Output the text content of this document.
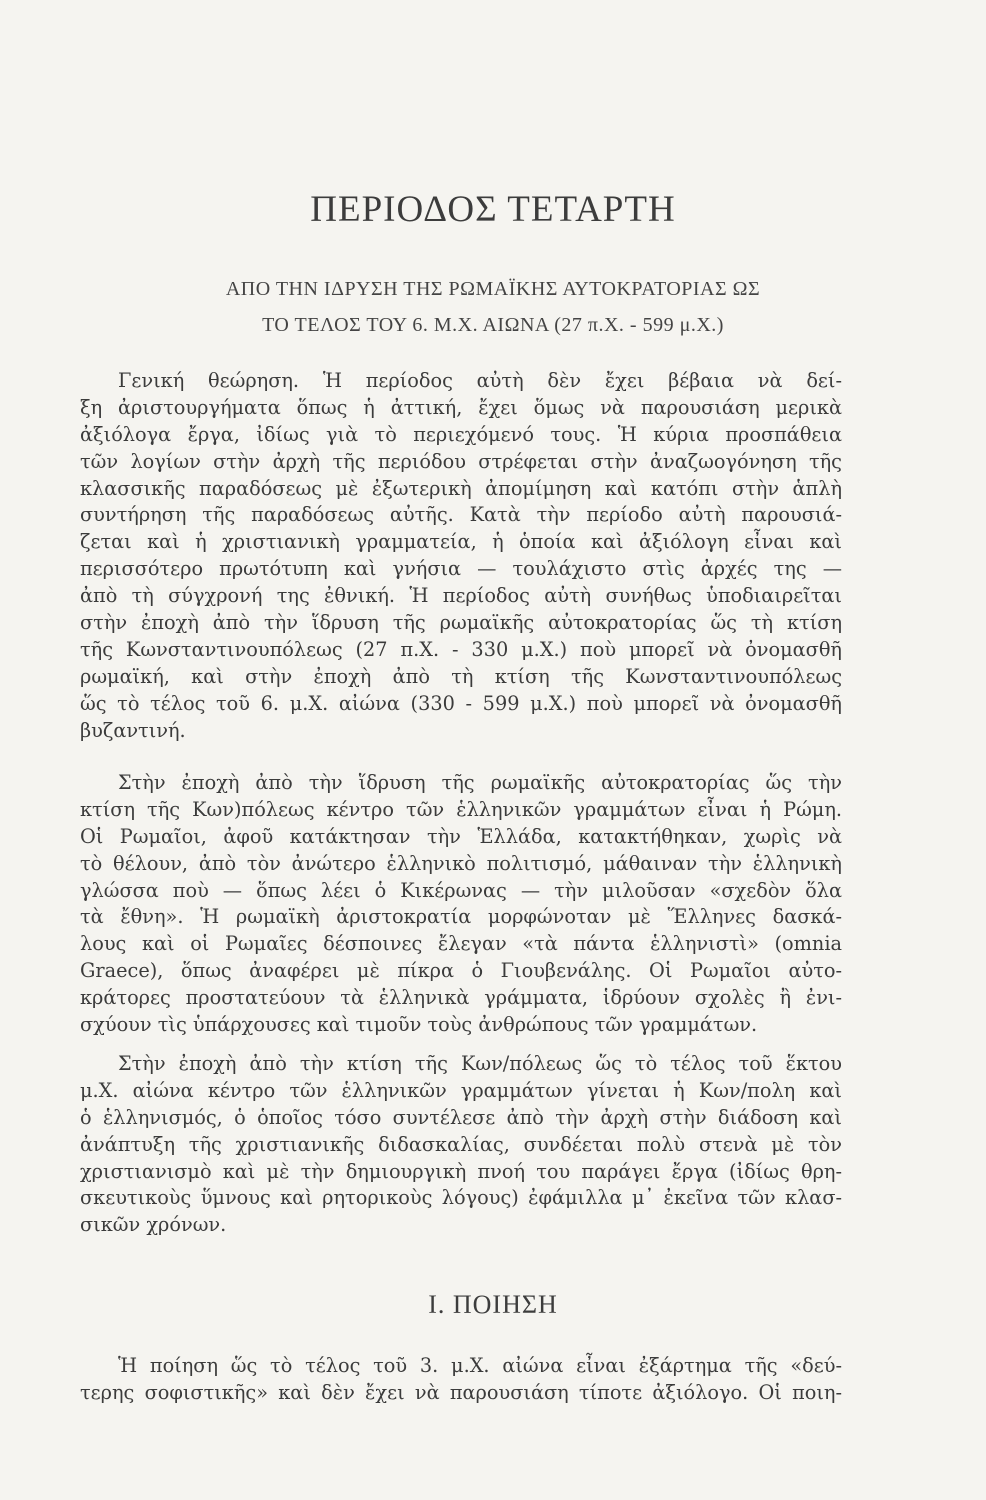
ΠΕΡΙΟΔΟΣ ΤΕΤΑΡΤΗ
ΑΠΟ ΤΗΝ ΙΔΡΥΣΗ ΤΗΣ ΡΩΜΑΪΚΗΣ ΑΥΤΟΚΡΑΤΟΡΙΑΣ ΩΣ
ΤΟ ΤΕΛΟΣ ΤΟΥ 6. Μ.Χ. ΑΙΩΝΑ (27 π.Χ. - 599 μ.Χ.)
Γενική θεώρηση. Ἡ περίοδος αὐτὴ δὲν ἔχει βέβαια νὰ δεί-
ξη ἀριστουργήματα ὅπως ἡ ἀττική, ἔχει ὅμως νὰ παρουσιάση μερικὰ
ἀξιόλογα ἔργα, ἰδίως γιὰ τὸ περιεχόμενό τους. Ἡ κύρια προσπάθεια
τῶν λογίων στὴν ἀρχὴ τῆς περιόδου στρέφεται στὴν ἀναζωογόνηση τῆς
κλασσικῆς παραδόσεως μὲ ἐξωτερικὴ ἀπομίμηση καὶ κατόπι στὴν ἁπλὴ
συντήρηση τῆς παραδόσεως αὐτῆς. Κατὰ τὴν περίοδο αὐτὴ παρουσιά-
ζεται καὶ ἡ χριστιανικὴ γραμματεία, ἡ ὁποία καὶ ἀξιόλογη εἶναι καὶ
περισσότερο πρωτότυπη καὶ γνήσια — τουλάχιστο στὶς ἀρχές της —
ἀπὸ τὴ σύγχρονή της ἐθνική. Ἡ περίοδος αὐτὴ συνήθως ὑποδιαιρεῖται
στὴν ἐποχὴ ἀπὸ τὴν ἵδρυση τῆς ρωμαϊκῆς αὐτοκρατορίας ὥς τὴ κτίση
τῆς Κωνσταντινουπόλεως (27 π.Χ. - 330 μ.Χ.) ποὺ μπορεῖ νὰ ὀνομασθῆ
ρωμαϊκή, καὶ στὴν ἐποχὴ ἀπὸ τὴ κτίση τῆς Κωνσταντινουπόλεως
ὥς τὸ τέλος τοῦ 6. μ.Χ. αἰώνα (330 - 599 μ.Χ.) ποὺ μπορεῖ νὰ ὀνομασθῆ
βυζαντινή.
Στὴν ἐποχὴ ἀπὸ τὴν ἵδρυση τῆς ρωμαϊκῆς αὐτοκρατορίας ὥς τὴν
κτίση τῆς Κων)πόλεως κέντρο τῶν ἑλληνικῶν γραμμάτων εἶναι ἡ Ρώμη.
Οἱ Ρωμαῖοι, ἀφοῦ κατάκτησαν τὴν Ἑλλάδα, κατακτήθηκαν, χωρὶς νὰ
τὸ θέλουν, ἀπὸ τὸν ἀνώτερο ἑλληνικὸ πολιτισμό, μάθαιναν τὴν ἑλληνικὴ
γλώσσα ποὺ — ὅπως λέει ὁ Κικέρωνας — τὴν μιλοῦσαν «σχεδὸν ὅλα
τὰ ἔθνη». Ἡ ρωμαϊκὴ ἀριστοκρατία μορφώνοταν μὲ Ἕλληνες δασκά-
λους καὶ οἱ Ρωμαῖες δέσποινες ἔλεγαν «τὰ πάντα ἑλληνιστὶ» (omnia
Graece), ὅπως ἀναφέρει μὲ πίκρα ὁ Γιουβενάλης. Οἱ Ρωμαῖοι αὐτο-
κράτορες προστατεύουν τὰ ἑλληνικὰ γράμματα, ἱδρύουν σχολὲς ἢ ἐνι-
σχύουν τὶς ὑπάρχουσες καὶ τιμοῦν τοὺς ἀνθρώπους τῶν γραμμάτων.
Στὴν ἐποχὴ ἀπὸ τὴν κτίση τῆς Κων/πόλεως ὥς τὸ τέλος τοῦ ἕκτου
μ.Χ. αἰώνα κέντρο τῶν ἑλληνικῶν γραμμάτων γίνεται ἡ Κων/πολη καὶ
ὁ ἑλληνισμός, ὁ ὁποῖος τόσο συντέλεσε ἀπὸ τὴν ἀρχὴ στὴν διάδοση καὶ
ἀνάπτυξη τῆς χριστιανικῆς διδασκαλίας, συνδέεται πολὺ στενὰ μὲ τὸν
χριστιανισμὸ καὶ μὲ τὴν δημιουργικὴ πνοή του παράγει ἔργα (ἰδίως θρη-
σκευτικοὺς ὕμνους καὶ ρητορικοὺς λόγους) ἐφάμιλλα μ᾽ ἐκεῖνα τῶν κλασ-
σικῶν χρόνων.
Ι. ΠΟΙΗΣΗ
Ἡ ποίηση ὥς τὸ τέλος τοῦ 3. μ.Χ. αἰώνα εἶναι ἐξάρτημα τῆς «δεύ-
τερης σοφιστικῆς» καὶ δὲν ἔχει νὰ παρουσιάση τίποτε ἀξιόλογο. Οἱ ποιη-
